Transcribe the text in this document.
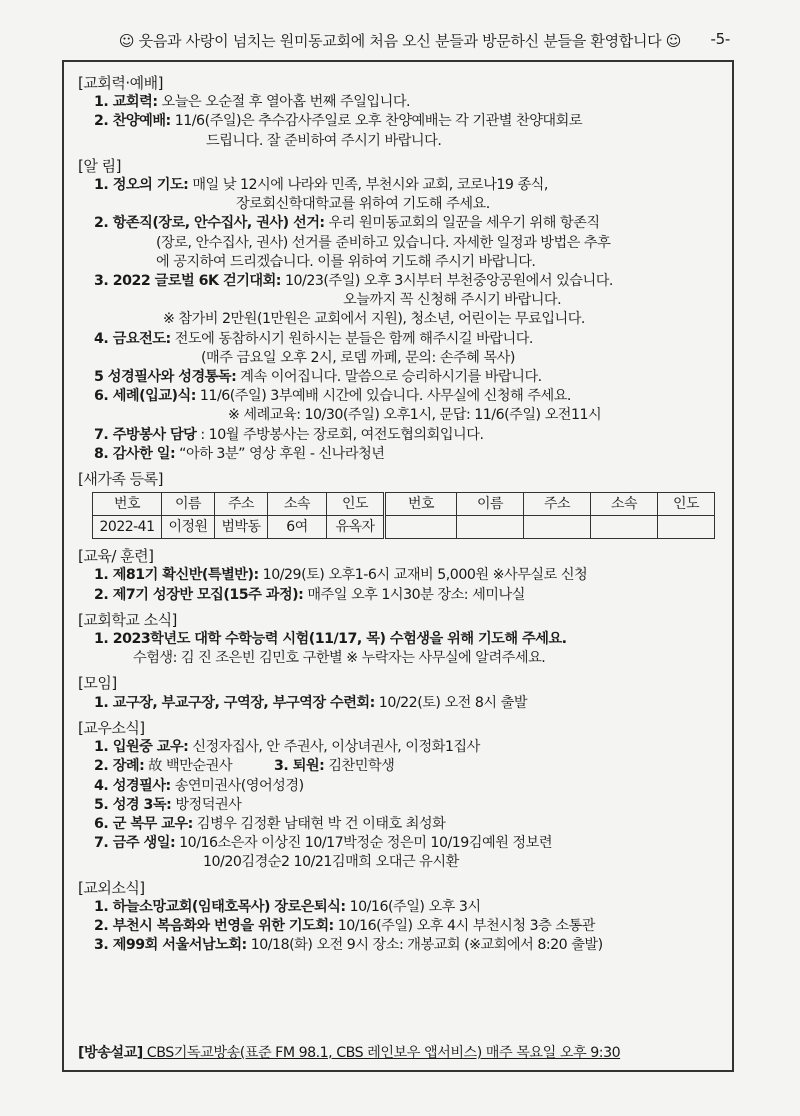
☺ 웃음과 사랑이 넘치는 원미동교회에 처음 오신 분들과 방문하신 분들을 환영합니다 ☺ -5-
[교회력·예배]
1. 교회력: 오늘은 오순절 후 열아홉 번째 주일입니다.
2. 찬양예배: 11/6(주일)은 추수감사주일로 오후 찬양예배는 각 기관별 찬양대회로
드립니다. 잘 준비하여 주시기 바랍니다.
[알 림]
1. 정오의 기도: 매일 낮 12시에 나라와 민족, 부천시와 교회, 코로나19 종식,
장로회신학대학교를 위하여 기도해 주세요.
2. 항존직(장로, 안수집사, 권사) 선거: 우리 원미동교회의 일꾼을 세우기 위해 항존직
(장로, 안수집사, 권사) 선거를 준비하고 있습니다. 자세한 일정과 방법은 추후
에 공지하여 드리겠습니다. 이를 위하여 기도해 주시기 바랍니다.
3. 2022 글로벌 6K 걷기대회: 10/23(주일) 오후 3시부터 부천중앙공원에서 있습니다.
오늘까지 꼭 신청해 주시기 바랍니다.
※ 참가비 2만원(1만원은 교회에서 지원), 청소년, 어린이는 무료입니다.
4. 금요전도: 전도에 동참하시기 원하시는 분들은 함께 해주시길 바랍니다.
(매주 금요일 오후 2시, 로뎀 까페, 문의: 손주혜 목사)
5 성경필사와 성경통독: 계속 이어집니다. 말씀으로 승리하시기를 바랍니다.
6. 세례(입교)식: 11/6(주일) 3부예배 시간에 있습니다. 사무실에 신청해 주세요.
※ 세례교육: 10/30(주일) 오후1시, 문답: 11/6(주일) 오전11시
7. 주방봉사 담당 : 10월 주방봉사는 장로회, 여전도협의회입니다.
8. 감사한 일: “아하 3분” 영상 후원 - 신나라청년
[새가족 등록]
번호	이름	주소	소속	인도	번호	이름	주소	소속	인도
2022-41	이정원	범박동	6여	유옥자					
[교육/ 훈련]
1. 제81기 확신반(특별반): 10/29(토) 오후1-6시 교재비 5,000원 ※사무실로 신청
2. 제7기 성장반 모집(15주 과정): 매주일 오후 1시30분 장소: 세미나실
[교회학교 소식]
1. 2023학년도 대학 수학능력 시험(11/17, 목) 수험생을 위해 기도해 주세요.
수험생: 김 진 조은빈 김민호 구한별 ※ 누락자는 사무실에 알려주세요.
[모임]
1. 교구장, 부교구장, 구역장, 부구역장 수련회: 10/22(토) 오전 8시 출발
[교우소식]
1. 입원중 교우: 신정자집사, 안 주권사, 이상녀권사, 이정화1집사
2. 장례: 故 백만순권사	3. 퇴원: 김찬민학생
4. 성경필사: 송연미권사(영어성경)
5. 성경 3독: 방정덕권사
6. 군 복무 교우: 김병우 김정환 남태현 박 건 이태호 최성화
7. 금주 생일: 10/16소은자 이상진 10/17박정순 정은미 10/19김예원 정보련
10/20김경순2 10/21김매희 오대근 유시환
[교외소식]
1. 하늘소망교회(임태호목사) 장로은퇴식: 10/16(주일) 오후 3시
2. 부천시 복음화와 번영을 위한 기도회: 10/16(주일) 오후 4시 부천시청 3층 소통관
3. 제99회 서울서남노회: 10/18(화) 오전 9시 장소: 개봉교회 (※교회에서 8:20 출발)
[방송설교] CBS기독교방송(표준 FM 98.1, CBS 레인보우 앱서비스) 매주 목요일 오후 9:30
